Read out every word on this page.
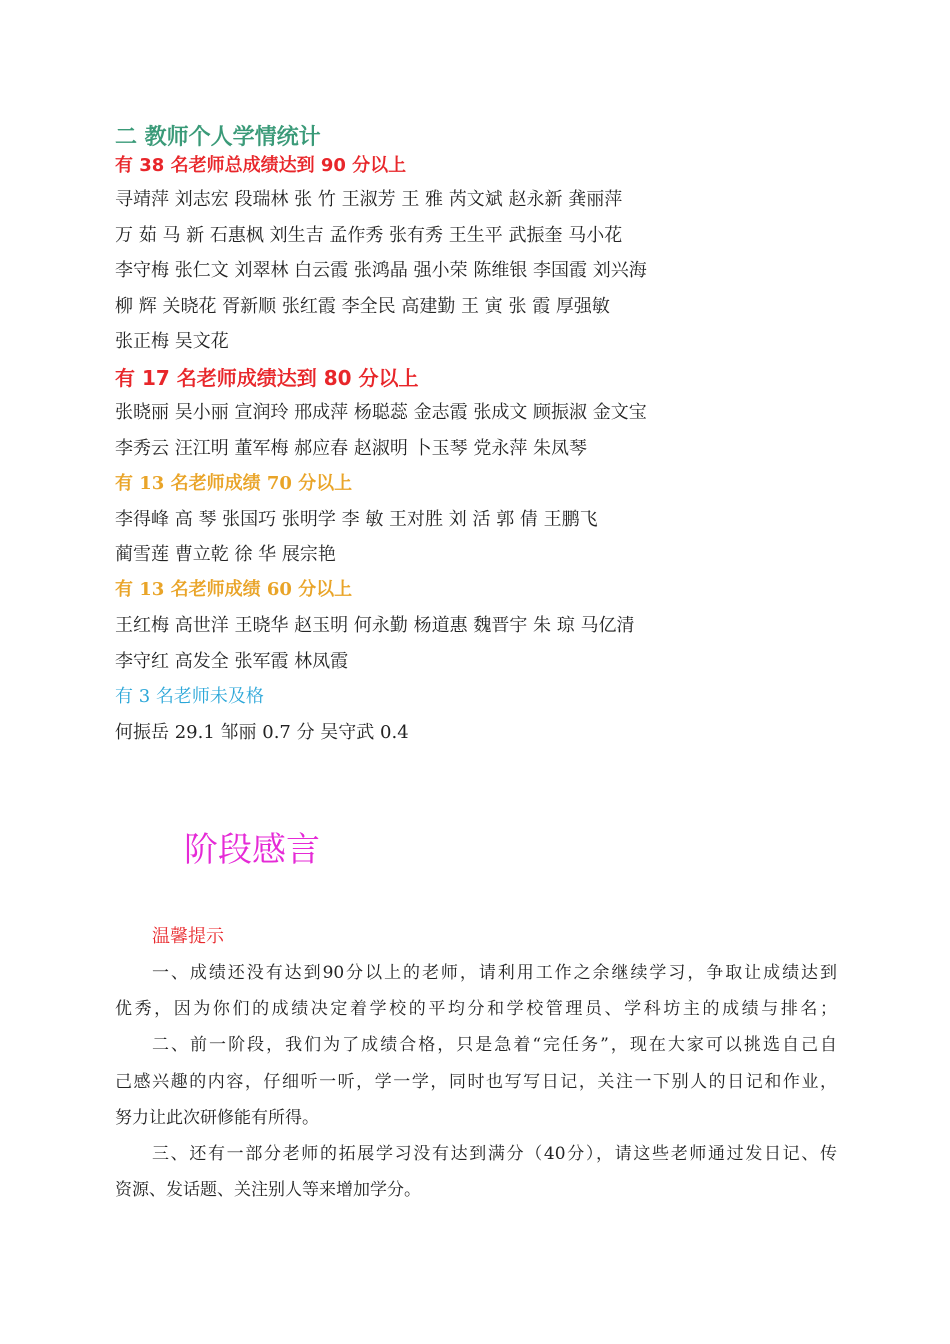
二 教师个人学情统计
有 38 名老师总成绩达到 90 分以上
寻靖萍 刘志宏 段瑞林 张 竹 王淑芳 王 雅 芮文斌 赵永新 龚丽萍
万 茹 马 新 石惠枫 刘生吉 孟作秀 张有秀 王生平 武振奎 马小花
李守梅 张仁文 刘翠林 白云霞 张鸿晶 强小荣 陈维银 李国霞 刘兴海
柳 辉 关晓花 胥新顺 张红霞 李全民 高建勤 王 寅 张 霞 厚强敏
张正梅 吴文花
有 17 名老师成绩达到 80 分以上
张晓丽 吴小丽 宣润玲 邢成萍 杨聪蕊 金志霞 张成文 顾振淑 金文宝
李秀云 汪江明 董军梅 郝应春 赵淑明 卜玉琴 党永萍 朱凤琴
有 13 名老师成绩 70 分以上
李得峰 高 琴 张国巧 张明学 李 敏 王对胜 刘 活 郭 倩 王鹏飞
蔺雪莲 曹立乾 徐 华 展宗艳
有 13 名老师成绩 60 分以上
王红梅 高世洋 王晓华 赵玉明 何永勤 杨道惠 魏晋宇 朱 琼 马亿清
李守红 高发全 张军霞 林凤霞
有 3 名老师未及格
何振岳 29.1 邹丽 0.7 分 吴守武 0.4
阶段感言
温馨提示
一、成绩还没有达到90分以上的老师，请利用工作之余继续学习，争取让成绩达到
优秀，因为你们的成绩决定着学校的平均分和学校管理员、学科坊主的成绩与排名；
二、前一阶段，我们为了成绩合格，只是急着“完任务”，现在大家可以挑选自己自
己感兴趣的内容，仔细听一听，学一学，同时也写写日记，关注一下别人的日记和作业，
努力让此次研修能有所得。
三、还有一部分老师的拓展学习没有达到满分（40分），请这些老师通过发日记、传
资源、发话题、关注别人等来增加学分。
